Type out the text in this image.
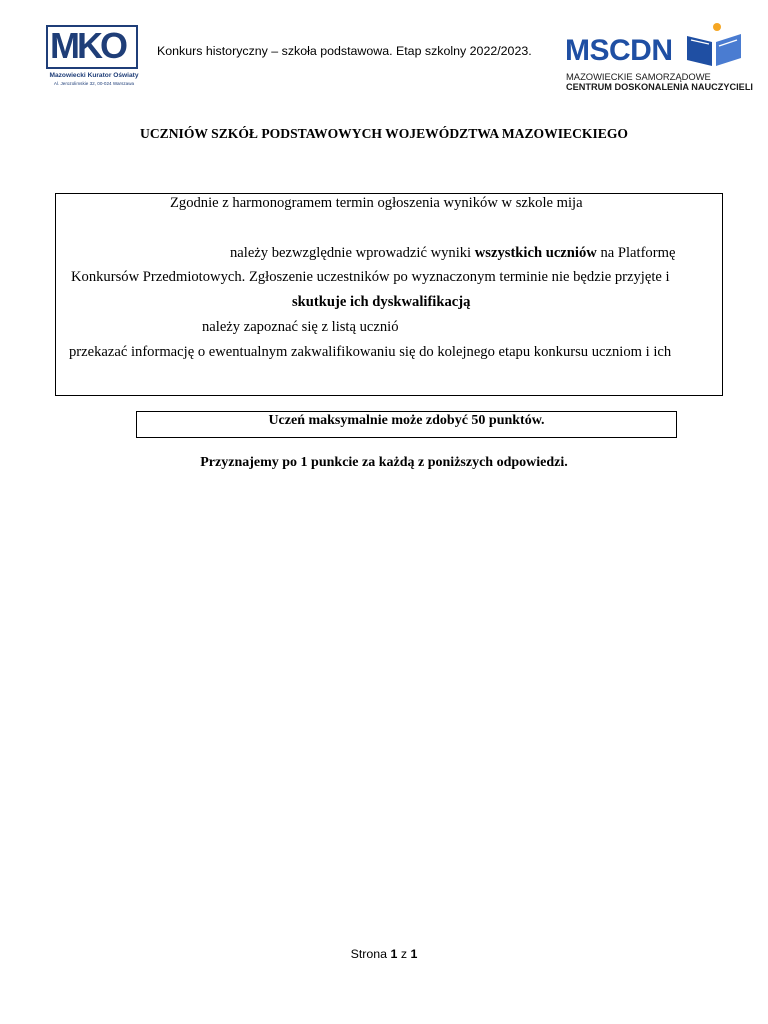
MKO
Mazowiecki Kurator Oświaty
Al. Jerozolimskie 32, 00-024 Warszawa
Konkurs historyczny – szkoła podstawowa. Etap szkolny 2022/2023. MSCDN
MAZOWIECKIE SAMORZĄDOWE
CENTRUM DOSKONALENIA NAUCZYCIELI
UCZNIÓW SZKÓŁ PODSTAWOWYCH WOJEWÓDZTWA MAZOWIECKIEGO
Zgodnie z harmonogramem termin ogłoszenia wyników w szkole mija
należy bezwzględnie wprowadzić wyniki wszystkich uczniów na Platformę
Konkursów Przedmiotowych. Zgłoszenie uczestników po wyznaczonym terminie nie będzie przyjęte i
skutkuje ich dyskwalifikacją
należy zapoznać się z listą ucznió
przekazać informację o ewentualnym zakwalifikowaniu się do kolejnego etapu konkursu uczniom i ich
Uczeń maksymalnie może zdobyć 50 punktów.
Przyznajemy po 1 punkcie za każdą z poniższych odpowiedzi.
Strona 1 z 1
